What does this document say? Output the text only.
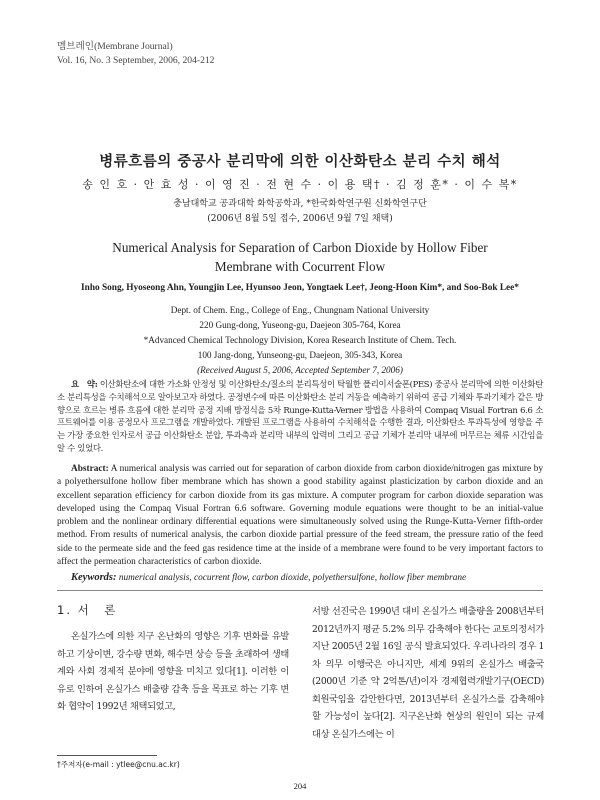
멤브레인(Membrane Journal)
Vol. 16, No. 3 September, 2006, 204-212
병류흐름의 중공사 분리막에 의한 이산화탄소 분리 수치 해석
송 인 호 · 안 효 성 · 이 영 진 · 전 현 수 · 이 용 택† · 김 정 훈* · 이 수 복*
충남대학교 공과대학 화학공학과, *한국화학연구원 신화학연구단
(2006년 8월 5일 접수, 2006년 9월 7일 채택)
Numerical Analysis for Separation of Carbon Dioxide by Hollow Fiber
Membrane with Cocurrent Flow
Inho Song, Hyoseong Ahn, Youngjin Lee, Hyunsoo Jeon, Yongtaek Lee†, Jeong-Hoon Kim*, and Soo-Bok Lee*
Dept. of Chem. Eng., College of Eng., Chungnam National University
220 Gung-dong, Yuseong-gu, Daejeon 305-764, Korea
*Advanced Chemical Technology Division, Korea Research Institute of Chem. Tech.
100 Jang-dong, Yunseong-gu, Daejeon, 305-343, Korea
(Received August 5, 2006, Accepted September 7, 2006)
요　약: 이산화탄소에 대한 가소화 안정성 및 이산화탄소/질소의 분리특성이 탁월한 폴리이서술폰(PES) 중공사 분리막에 의한 이산화탄소 분리특성을 수치해석으로 알아보고자 하였다. 공정변수에 따른 이산화탄소 분리 거동을 예측하기 위하여 공급 기체와 투과기체가 같은 방향으로 흐르는 병류 흐름에 대한 분리막 공정 지배 방정식을 5차 Runge-Kutta-Verner 방법을 사용하여 Compaq Visual Fortran 6.6 소프트웨어를 이용 공정모사 프로그램을 개발하였다. 개발된 프로그램을 사용하여 수치해석을 수행한 결과, 이산화탄소 투과특성에 영향을 주는 가장 중요한 인자로서 공급 이산화탄소 분압, 투과측과 분리막 내부의 압력비 그리고 공급 기체가 분리막 내부에 머무르는 체류 시간임을 알 수 있었다.
Abstract: A numerical analysis was carried out for separation of carbon dioxide from carbon dioxide/nitrogen gas mixture by a polyethersulfone hollow fiber membrane which has shown a good stability against plasticization by carbon dioxide and an excellent separation efficiency for carbon dioxide from its gas mixture. A computer program for carbon dioxide separation was developed using the Compaq Visual Fortran 6.6 software. Governing module equations were thought to be an initial-value problem and the nonlinear ordinary differential equations were simultaneously solved using the Runge-Kutta-Verner fifth-order method. From results of numerical analysis, the carbon dioxide partial pressure of the feed stream, the pressure ratio of the feed side to the permeate side and the feed gas residence time at the inside of a membrane were found to be very important factors to affect the permeation characteristics of carbon dioxide.
Keywords: numerical analysis, cocurrent flow, carbon dioxide, polyethersulfone, hollow fiber membrane
1. 서　론
온실가스에 의한 지구 온난화의 영향은 기후 변화를 유발하고 기상이변, 강수량 변화, 해수면 상승 등을 초래하여 생태계와 사회 경제적 분야에 영향을 미치고 있다[1]. 이러한 이유로 인하여 온실가스 배출량 감축 등을 목표로 하는 기후 변화 협약이 1992년 채택되었고,
서방 선진국은 1990년 대비 온실가스 배출량을 2008년부터 2012년까지 평균 5.2% 의무 감축해야 한다는 교토의정서가 지난 2005년 2월 16일 공식 발효되었다. 우리나라의 경우 1차 의무 이행국은 아니지만, 세계 9위의 온실가스 배출국(2000년 기준 약 2억톤/년)이자 경제협력개발기구(OECD) 회원국임을 감안한다면, 2013년부터 온실가스를 감축해야할 가능성이 높다[2]. 지구온난화 현상의 원인이 되는 규제 대상 온실가스에는 이
†주저자(e-mail : ytlee@cnu.ac.kr)
204
